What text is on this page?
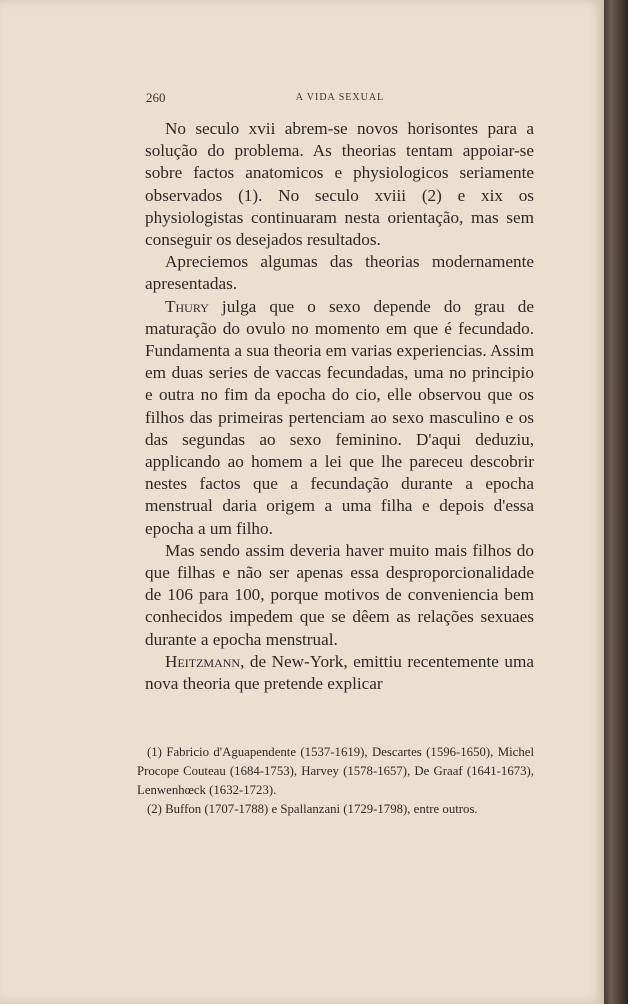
260	A VIDA SEXUAL

No seculo xvii abrem-se novos horisontes para a solução do problema. As theorias tentam appoiar-se sobre factos anatomicos e physiologicos seriamente observados (1). No seculo xviii (2) e xix os physiologistas continuaram nesta orientação, mas sem conseguir os desejados resultados.

Apreciemos algumas das theorias modernamente apresentadas.

Thury julga que o sexo depende do grau de maturação do ovulo no momento em que é fecundado. Fundamenta a sua theoria em varias experiencias. Assim em duas series de vaccas fecundadas, uma no principio e outra no fim da epocha do cio, elle observou que os filhos das primeiras pertenciam ao sexo masculino e os das segundas ao sexo feminino. D'aqui deduziu, applicando ao homem a lei que lhe pareceu descobrir nestes factos que a fecundação durante a epocha menstrual daria origem a uma filha e depois d'essa epocha a um filho.

Mas sendo assim deveria haver muito mais filhos do que filhas e não ser apenas essa desproporcionalidade de 106 para 100, porque motivos de conveniencia bem conhecidos impedem que se dêem as relações sexuaes durante a epocha menstrual.

Heitzmann, de New-York, emittiu recentemente uma nova theoria que pretende explicar

(1) Fabricio d'Aguapendente (1537-1619), Descartes (1596-1650), Michel Procope Couteau (1684-1753), Harvey (1578-1657), De Graaf (1641-1673), Lenwenhœck (1632-1723).

(2) Buffon (1707-1788) e Spallanzani (1729-1798), entre outros.
